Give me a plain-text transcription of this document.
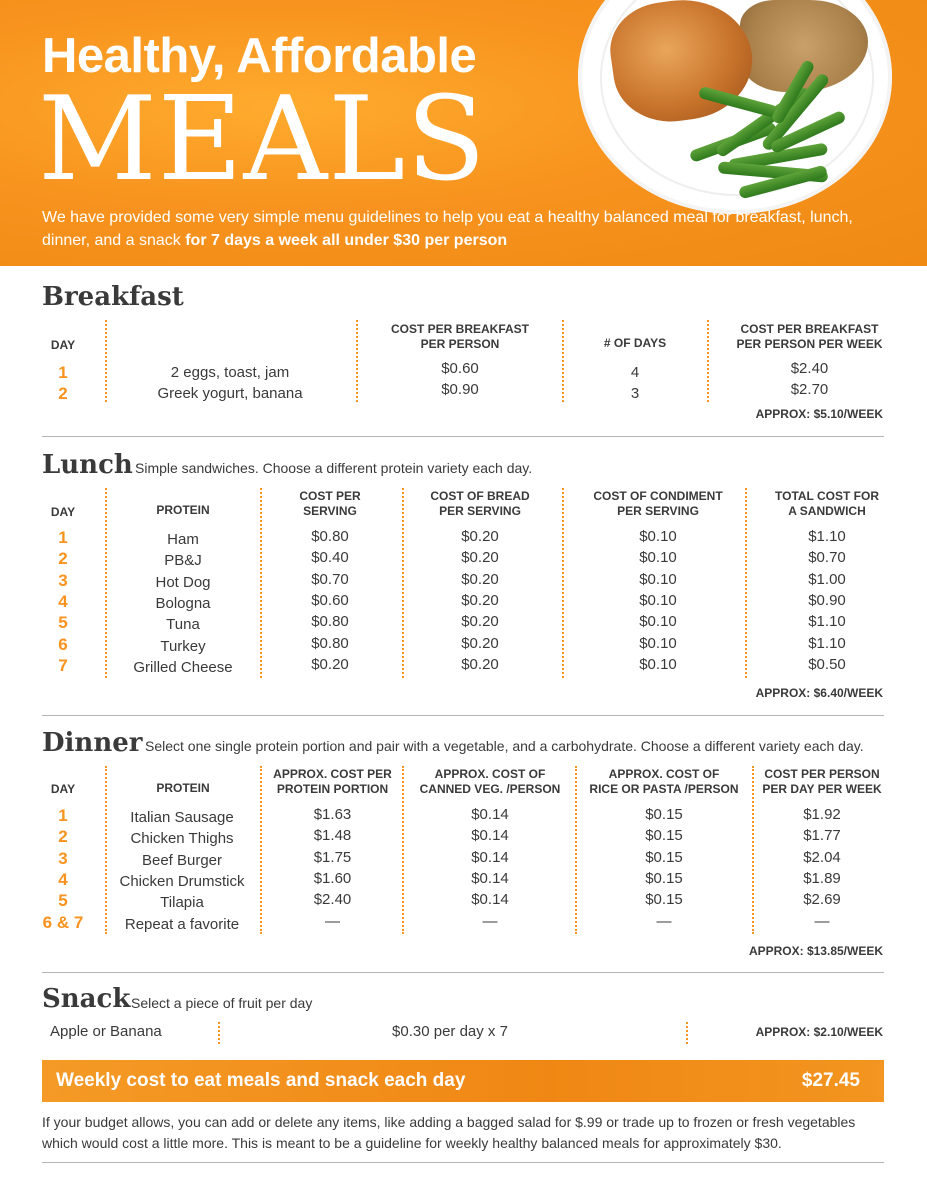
Healthy, Affordable
MEALS
We have provided some very simple menu guidelines to help you eat a healthy balanced meal for breakfast, lunch, dinner, and a snack for 7 days a week all under $30 per person
Breakfast
DAY
COST PER BREAKFAST
PER PERSON	# OF DAYS
COST PER BREAKFAST
PER PERSON PER WEEK
1	2 eggs, toast, jam	$0.60	4	$2.40
2	Greek yogurt, banana	$0.90	3	$2.70
APPROX: $5.10/WEEK
Lunch Simple sandwiches. Choose a different protein variety each day.
DAY	PROTEIN
COST PER
SERVING
COST OF BREAD
PER SERVING
COST OF CONDIMENT
PER SERVING
TOTAL COST FOR
A SANDWICH
1	Ham	$0.80	$0.20	$0.10	$1.10
2	PB&J	$0.40	$0.20	$0.10	$0.70
3	Hot Dog	$0.70	$0.20	$0.10	$1.00
4	Bologna	$0.60	$0.20	$0.10	$0.90
5	Tuna	$0.80	$0.20	$0.10	$1.10
6	Turkey	$0.80	$0.20	$0.10	$1.10
7	Grilled Cheese	$0.20	$0.20	$0.10	$0.50
APPROX: $6.40/WEEK
Dinner Select one single protein portion and pair with a vegetable, and a carbohydrate. Choose a different variety each day.
DAY	PROTEIN
APPROX. COST PER
PROTEIN PORTION
APPROX. COST OF
CANNED VEG. /PERSON
APPROX. COST OF
RICE OR PASTA /PERSON
COST PER PERSON
PER DAY PER WEEK
1	Italian Sausage	$1.63	$0.14	$0.15	$1.92
2	Chicken Thighs	$1.48	$0.14	$0.15	$1.77
3	Beef Burger	$1.75	$0.14	$0.15	$2.04
4	Chicken Drumstick	$1.60	$0.14	$0.15	$1.89
5	Tilapia	$2.40	$0.14	$0.15	$2.69
6 & 7	Repeat a favorite	—	—	—	—
APPROX: $13.85/WEEK
Snack Select a piece of fruit per day
Apple or Banana	$0.30 per day x 7	APPROX: $2.10/WEEK
Weekly cost to eat meals and snack each day	$27.45
If your budget allows, you can add or delete any items, like adding a bagged salad for $.99 or trade up to frozen or fresh vegetables which would cost a little more. This is meant to be a guideline for weekly healthy balanced meals for approximately $30.
